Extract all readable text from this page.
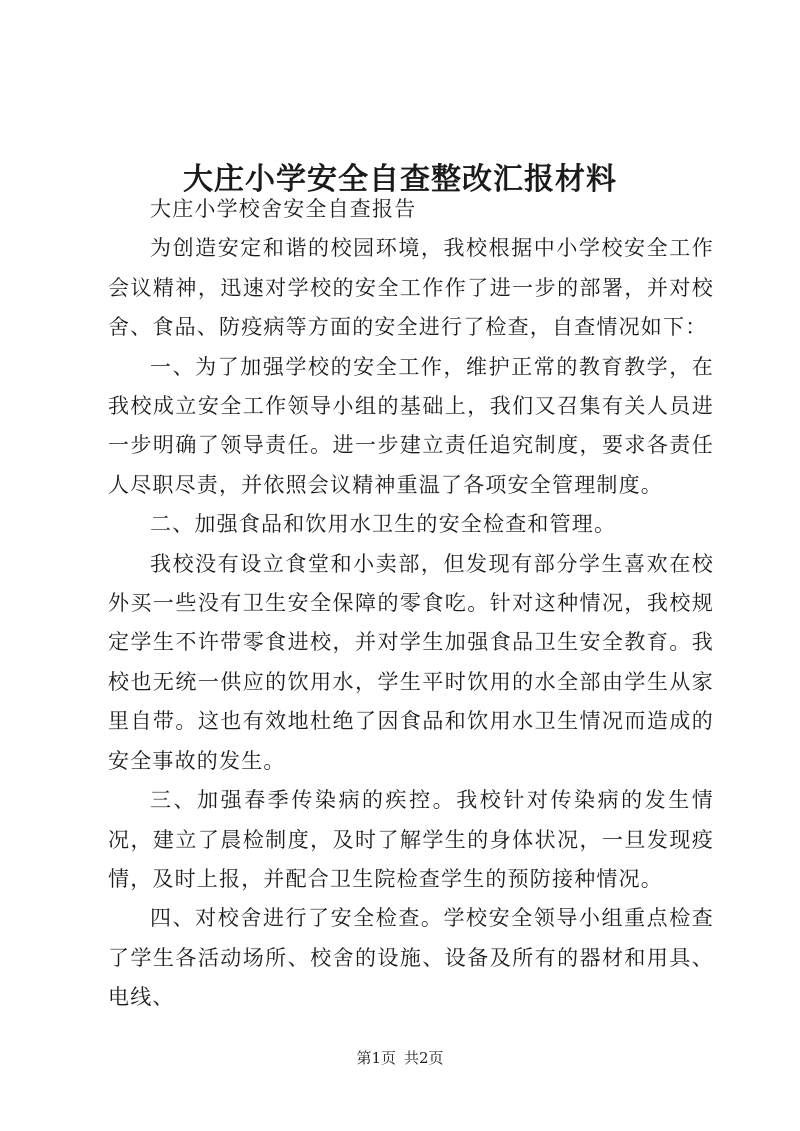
大庄小学安全自查整改汇报材料

大庄小学校舍安全自查报告

为创造安定和谐的校园环境，我校根据中小学校安全工作会议精神，迅速对学校的安全工作作了进一步的部署，并对校舍、食品、防疫病等方面的安全进行了检查，自查情况如下：

一、为了加强学校的安全工作，维护正常的教育教学，在我校成立安全工作领导小组的基础上，我们又召集有关人员进一步明确了领导责任。进一步建立责任追究制度，要求各责任人尽职尽责，并依照会议精神重温了各项安全管理制度。

二、加强食品和饮用水卫生的安全检查和管理。

我校没有设立食堂和小卖部，但发现有部分学生喜欢在校外买一些没有卫生安全保障的零食吃。针对这种情况，我校规定学生不许带零食进校，并对学生加强食品卫生安全教育。我校也无统一供应的饮用水，学生平时饮用的水全部由学生从家里自带。这也有效地杜绝了因食品和饮用水卫生情况而造成的安全事故的发生。

三、加强春季传染病的疾控。我校针对传染病的发生情况，建立了晨检制度，及时了解学生的身体状况，一旦发现疫情，及时上报，并配合卫生院检查学生的预防接种情况。

四、对校舍进行了安全检查。学校安全领导小组重点检查了学生各活动场所、校舍的设施、设备及所有的器材和用具、电线、

第1页 共2页
